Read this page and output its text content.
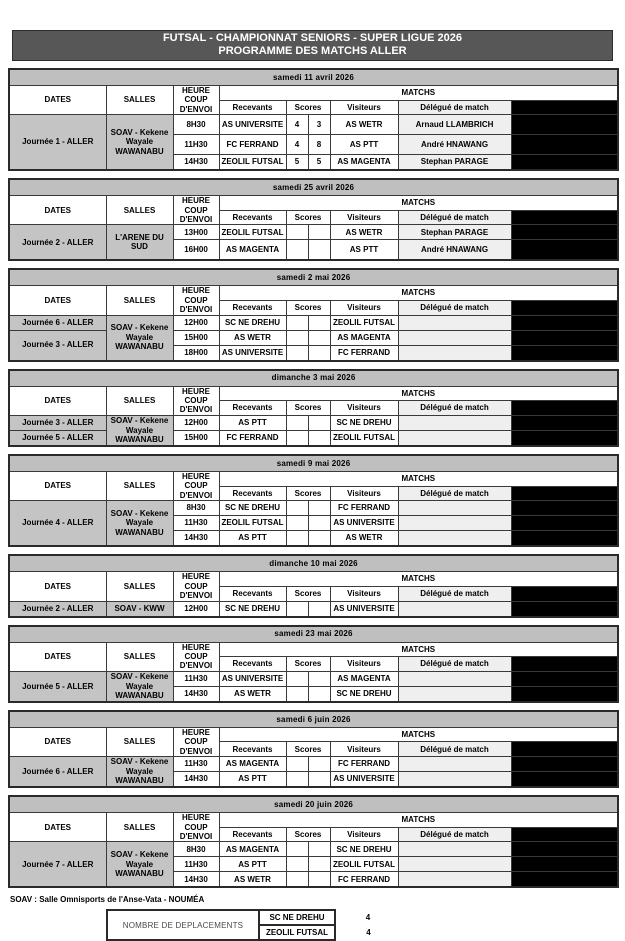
FUTSAL - CHAMPIONNAT SENIORS - SUPER LIGUE 2026
PROGRAMME DES MATCHS ALLER
samedi 11 avril 2026								
DATES	SALLES	HEURE COUP D'ENVOI	MATCHS					
			Recevants	Scores		Visiteurs	Délégué de match	Arbitres de la rencontre
Journée 1 - ALLER	SOAV - Kekene Wayale WAWANABU	8H30	AS UNIVERSITE	4	3	AS WETR	Arnaud LLAMBRICH	ZEOLIL FUTSAL - AS MAGENTA
		11H30	FC FERRAND	4	8	AS PTT	André HNAWANG	AS UNIVERSITE - AS WETR
		14H30	ZEOLIL FUTSAL	5	5	AS MAGENTA	Stephan PARAGE	FC FERRAND - AS PTT
samedi 25 avril 2026								
DATES	SALLES	HEURE COUP D'ENVOI	MATCHS					
			Recevants	Scores		Visiteurs	Délégué de match	Arbitres de la rencontre
Journée 2 - ALLER	L'ARENE DU SUD	13H00	ZEOLIL FUTSAL			AS WETR	Stephan PARAGE	AS MAGENTA - AS PTT
		16H00	AS MAGENTA			AS PTT	André HNAWANG	ZEOLIL FUTSAL - AS WETR
samedi 2 mai 2026								
DATES	SALLES	HEURE COUP D'ENVOI	MATCHS					
			Recevants	Scores		Visiteurs	Délégué de match	Arbitres de la rencontre
Journée 6 - ALLER	SOAV - Kekene Wayale WAWANABU	12H00	SC NE DREHU			ZEOLIL FUTSAL		
Journée 3 - ALLER		15H00	AS WETR			AS MAGENTA		
		18H00	AS UNIVERSITE			FC FERRAND		
dimanche 3 mai 2026								
DATES	SALLES	HEURE COUP D'ENVOI	MATCHS					
			Recevants	Scores		Visiteurs	Délégué de match	Arbitres de la rencontre
Journée 3 - ALLER	SOAV - Kekene Wayale WAWANABU	12H00	AS PTT			SC NE DREHU		
Journée 5 - ALLER		15H00	FC FERRAND			ZEOLIL FUTSAL		
samedi 9 mai 2026								
DATES	SALLES	HEURE COUP D'ENVOI	MATCHS					
			Recevants	Scores		Visiteurs	Délégué de match	Arbitres de la rencontre
Journée 4 - ALLER	SOAV - Kekene Wayale WAWANABU	8H30	SC NE DREHU			FC FERRAND		
		11H30	ZEOLIL FUTSAL			AS UNIVERSITE		
		14H30	AS PTT			AS WETR		
dimanche 10 mai 2026								
DATES	SALLES	HEURE COUP D'ENVOI	MATCHS					
			Recevants	Scores		Visiteurs	Délégué de match	Arbitres de la rencontre
Journée 2 - ALLER	SOAV - KWW	12H00	SC NE DREHU			AS UNIVERSITE		
samedi 23 mai 2026								
DATES	SALLES	HEURE COUP D'ENVOI	MATCHS					
			Recevants	Scores		Visiteurs	Délégué de match	Arbitres de la rencontre
Journée 5 - ALLER	SOAV - Kekene Wayale WAWANABU	11H30	AS UNIVERSITE			AS MAGENTA		
		14H30	AS WETR			SC NE DREHU		
samedi 6 juin 2026								
DATES	SALLES	HEURE COUP D'ENVOI	MATCHS					
			Recevants	Scores		Visiteurs	Délégué de match	Arbitres de la rencontre
Journée 6 - ALLER	SOAV - Kekene Wayale WAWANABU	11H30	AS MAGENTA			FC FERRAND		
		14H30	AS PTT			AS UNIVERSITE		
samedi 20 juin 2026								
DATES	SALLES	HEURE COUP D'ENVOI	MATCHS					
			Recevants	Scores		Visiteurs	Délégué de match	Arbitres de la rencontre
Journée 7 - ALLER	SOAV - Kekene Wayale WAWANABU	8H30	AS MAGENTA			SC NE DREHU		
		11H30	AS PTT			ZEOLIL FUTSAL		
		14H30	AS WETR			FC FERRAND		
SOAV : Salle Omnisports de l'Anse-Vata - NOUMÉA
NOMBRE DE DEPLACEMENTS	SC NE DREHU	4
	ZEOLIL FUTSAL	4
